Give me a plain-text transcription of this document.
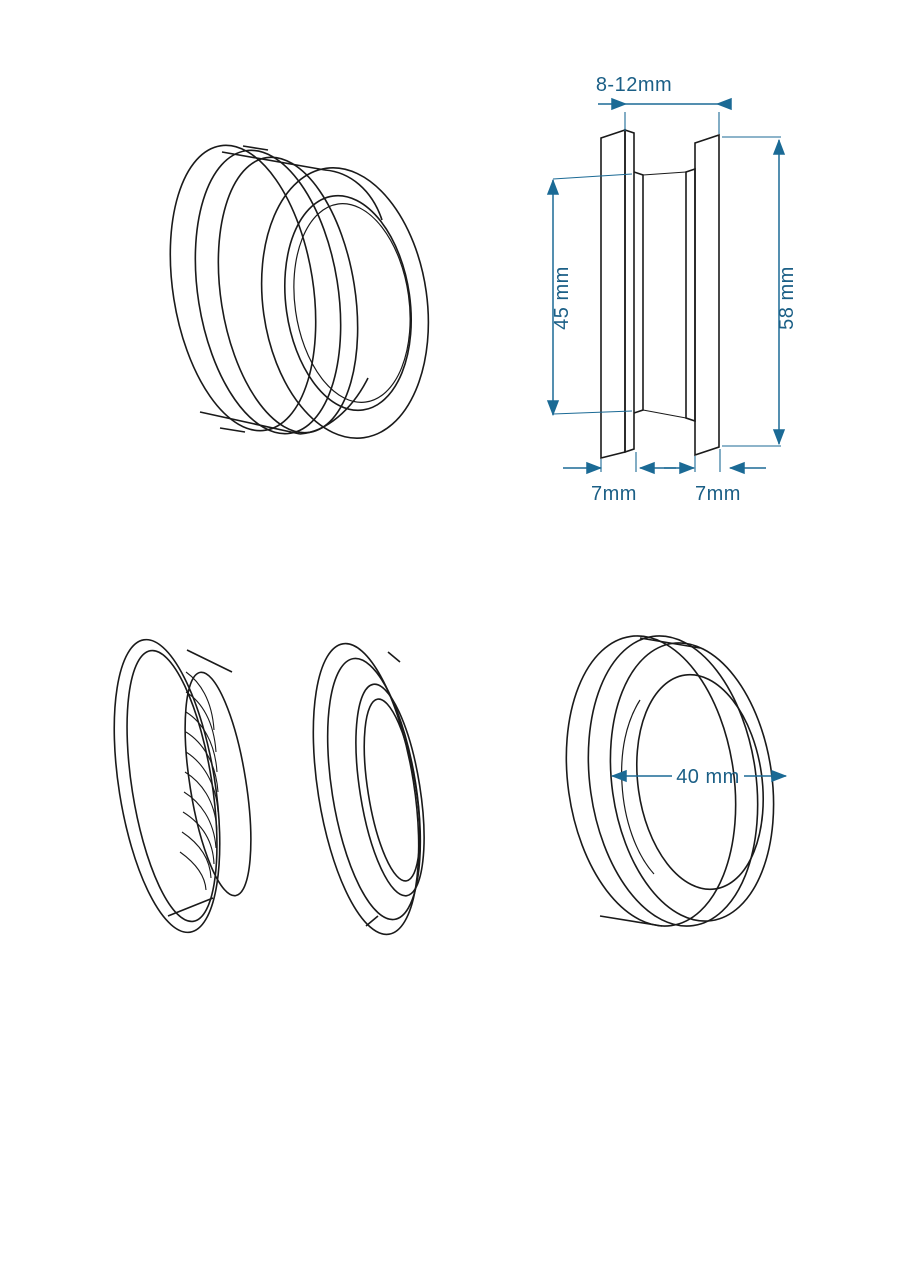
8-12mm
45 mm	58 mm
7mm	7mm
40 mm
